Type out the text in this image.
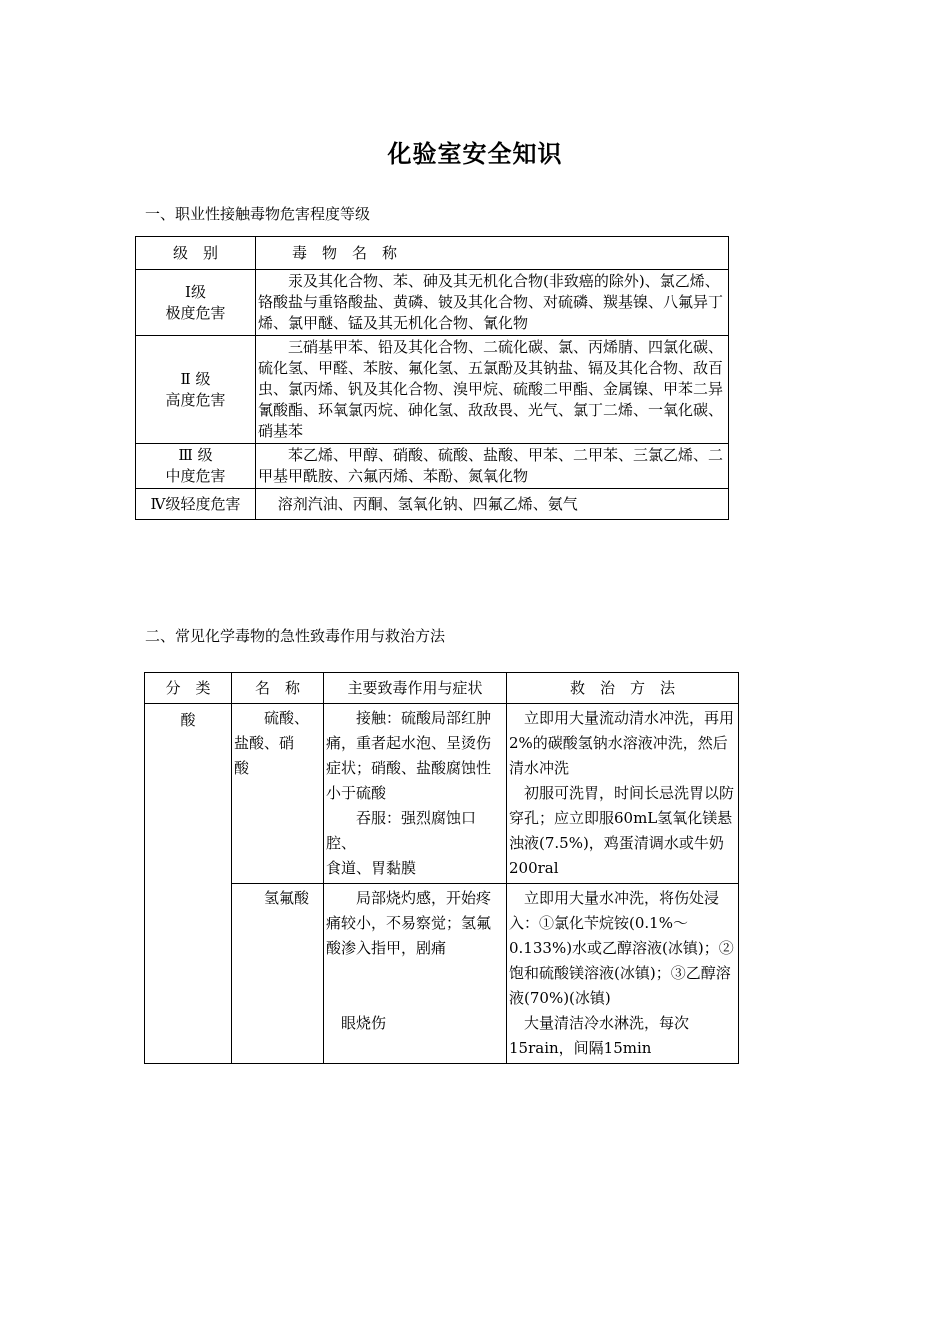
化验室安全知识
一、职业性接触毒物危害程度等级
级　别	毒　物　名　称

Ⅰ级
极度危害	　　汞及其化合物、苯、砷及其无机化合物(非致癌的除外)、氯乙烯、铬酸盐与重铬酸盐、黄磷、铍及其化合物、对硫磷、羰基镍、八氟异丁烯、氯甲醚、锰及其无机化合物、氰化物

Ⅱ 级
高度危害	　　三硝基甲苯、铅及其化合物、二硫化碳、氯、丙烯腈、四氯化碳、硫化氢、甲醛、苯胺、氟化氢、五氯酚及其钠盐、镉及其化合物、敌百虫、氯丙烯、钒及其化合物、溴甲烷、硫酸二甲酯、金属镍、甲苯二异氰酸酯、环氧氯丙烷、砷化氢、敌敌畏、光气、氯丁二烯、一氧化碳、硝基苯

Ⅲ 级
中度危害	　　苯乙烯、甲醇、硝酸、硫酸、盐酸、甲苯、二甲苯、三氯乙烯、二甲基甲酰胺、六氟丙烯、苯酚、氮氧化物

Ⅳ级轻度危害	　 溶剂汽油、丙酮、氢氧化钠、四氟乙烯、氨气
二、常见化学毒物的急性致毒作用与救治方法
分　类	名　称	主要致毒作用与症状	救　治　方　法
酸	　　硫酸、
盐酸、硝
酸	　　接触：硫酸局部红肿痛，重者起水泡、呈烫伤症状；硝酸、盐酸腐蚀性小于硫酸
　　吞服：强烈腐蚀口腔、
食道、胃黏膜	　立即用大量流动清水冲洗，再用2%的碳酸氢钠水溶液冲洗，然后清水冲洗
　初服可洗胃，时间长忌洗胃以防穿孔；应立即服60mL氢氧化镁悬浊液(7.5%)，鸡蛋清调水或牛奶200ral

	　　氢氟酸	　　局部烧灼感，开始疼痛较小，不易察觉；氢氟酸渗入指甲，剧痛

　眼烧伤	　立即用大量水冲洗，将伤处浸入：①氯化苄烷铵(0.1%～0.133%)水或乙醇溶液(冰镇)；②饱和硫酸镁溶液(冰镇)；③乙醇溶液(70%)(冰镇)
　大量清洁冷水淋洗，每次15rain，间隔15min
